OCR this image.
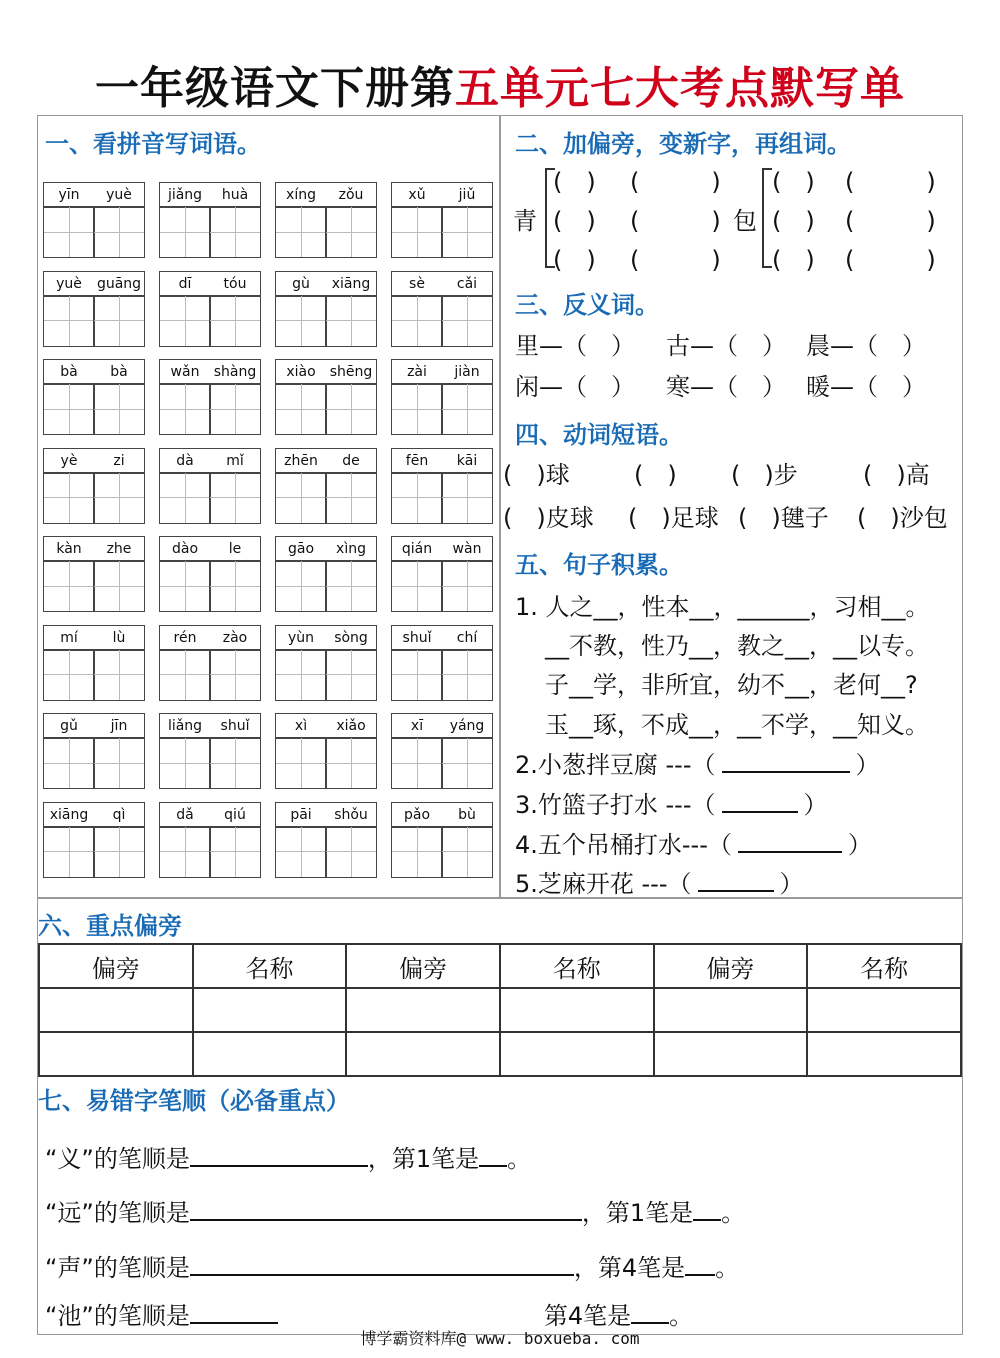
一年级语文下册第五单元七大考点默写单
一、看拼音写词语。
yīn	yuè	jiǎng	huà	xíng	zǒu	xǔ	jiǔ
yuè	guāng	dī	tóu	gù	xiāng	sè	cǎi
bà	bà	wǎn	shàng	xiào	shēng	zài	jiàn
yè	zi	dà	mǐ	zhēn	de	fēn	kāi
kàn	zhe	dào	le	gāo	xìng	qián	wàn
mí	lù	rén	zào	yùn	sòng	shuǐ	chí
gǔ	jīn	liǎng	shuǐ	xì	xiǎo	xī	yáng
xiāng	qì	dǎ	qiú	pāi	shǒu	pǎo	bù
二、加偏旁，变新字，再组词。
青
(　) (　　　)
(　) (　　　)
(　) (　　　)
包
(　) (　　　)
(　) (　　　)
(　) (　　　)
三、反义词。
里—（　） 古—（　） 晨—（　）
闲—（　） 寒—（　） 暖—（　）
四、动词短语。
(　)球	(　) (　)步	(　)高
(　)皮球 (　)足球 (　)毽子 (　)沙包
五、句子积累。
1. 人之__，性本__，______，习相__。
__不教，性乃__，教之__，__以专。
子__学，非所宜，幼不__，老何__?
玉__琢，不成__，__不学，__知义。
2.小葱拌豆腐 ---（	）
3.竹篮子打水 ---（	）
4.五个吊桶打水---（	）
5.芝麻开花 ---（	）
六、重点偏旁
偏旁	名称	偏旁	名称	偏旁	名称

七、易错字笔顺（必备重点）
“义”的笔顺是	，第1笔是 。
“远”的笔顺是	，第1笔是 。
“声”的笔顺是	，第4笔是 。
“池”的笔顺是	第4笔是 。
博学霸资料库@ www. boxueba. com
